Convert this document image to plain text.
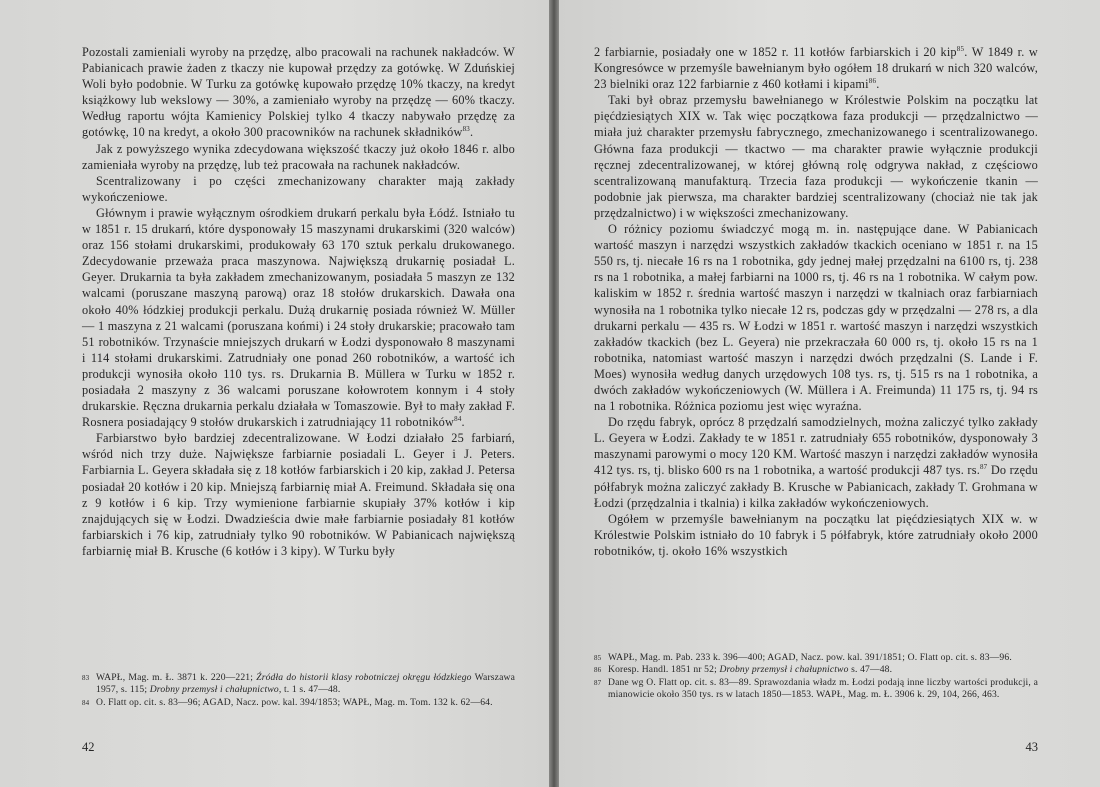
Pozostali zamieniali wyroby na przędzę, albo pracowali na rachunek nakładców. W Pabianicach prawie żaden z tkaczy nie kupował przędzy za gotówkę. W Zduńskiej Woli było podobnie. W Turku za gotówkę kupowało przędzę 10% tkaczy, na kredyt książkowy lub wekslowy — 30%, a zamieniało wyroby na przędzę — 60% tkaczy. Według raportu wójta Kamienicy Polskiej tylko 4 tkaczy nabywało przędzę za gotówkę, 10 na kredyt, a około 300 pracowników na rachunek składników$^{83}$.

Jak z powyższego wynika zdecydowana większość tkaczy już około 1846 r. albo zamieniała wyroby na przędzę, lub też pracowała na rachunek nakładców.

Scentralizowany i po części zmechanizowany charakter mają zakłady wykończeniowe.

Głównym i prawie wyłącznym ośrodkiem drukarń perkalu była Łódź. Istniało tu w 1851 r. 15 drukarń, które dysponowały 15 maszynami drukarskimi (320 walców) oraz 156 stołami drukarskimi, produkowały 63 170 sztuk perkalu drukowanego. Zdecydowanie przeważa praca maszynowa. Największą drukarnię posiadał L. Geyer. Drukarnia ta była zakładem zmechanizowanym, posiadała 5 maszyn ze 132 walcami (poruszane maszyną parową) oraz 18 stołów drukarskich. Dawała ona około 40% łódzkiej produkcji perkalu. Dużą drukarnię posiada również W. Müller — 1 maszyna z 21 walcami (poruszana końmi) i 24 stoły drukarskie; pracowało tam 51 robotników. Trzynaście mniejszych drukarń w Łodzi dysponowało 8 maszynami i 114 stołami drukarskimi. Zatrudniały one ponad 260 robotników, a wartość ich produkcji wynosiła około 110 tys. rs. Drukarnia B. Müllera w Turku w 1852 r. posiadała 2 maszyny z 36 walcami poruszane kołowrotem konnym i 4 stoły drukarskie. Ręczna drukarnia perkalu działała w Tomaszowie. Był to mały zakład F. Rosnera posiadający 9 stołów drukarskich i zatrudniający 11 robotników$^{84}$.

Farbiarstwo było bardziej zdecentralizowane. W Łodzi działało 25 farbiarń, wśród nich trzy duże. Największe farbiarnie posiadali L. Geyer i J. Peters. Farbiarnia L. Geyera składała się z 18 kotłów farbiarskich i 20 kip, zakład J. Petersa posiadał 20 kotłów i 20 kip. Mniejszą farbiarnię miał A. Freimund. Składała się ona z 9 kotłów i 6 kip. Trzy wymienione farbiarnie skupiały 37% kotłów i kip znajdujących się w Łodzi. Dwadzieścia dwie małe farbiarnie posiadały 81 kotłów farbiarskich i 76 kip, zatrudniały tylko 90 robotników. W Pabianicach największą farbiarnię miał B. Krusche (6 kotłów i 3 kipy). W Turku były

83 WAPŁ, Mag. m. Ł. 3871 k. 220—221; Źródła do historii klasy robotniczej okręgu łódzkiego Warszawa 1957, s. 115; Drobny przemysł i chałupnictwo, t. 1 s. 47—48.
84 O. Flatt op. cit. s. 83—96; AGAD, Nacz. pow. kal. 394/1853; WAPŁ, Mag. m. Tom. 132 k. 62—64.
42

2 farbiarnie, posiadały one w 1852 r. 11 kotłów farbiarskich i 20 kip$^{85}$. W 1849 r. w Kongresówce w przemyśle bawełnianym było ogółem 18 drukarń w nich 320 walców, 23 bielniki oraz 122 farbiarnie z 460 kotłami i kipami$^{86}$.

Taki był obraz przemysłu bawełnianego w Królestwie Polskim na początku lat pięćdziesiątych XIX w. Tak więc początkowa faza produkcji — przędzalnictwo — miała już charakter przemysłu fabrycznego, zmechanizowanego i scentralizowanego. Główna faza produkcji — tkactwo — ma charakter prawie wyłącznie produkcji ręcznej zdecentralizowanej, w której główną rolę odgrywa nakład, z częściowo scentralizowaną manufakturą. Trzecia faza produkcji — wykończenie tkanin — podobnie jak pierwsza, ma charakter bardziej scentralizowany (chociaż nie tak jak przędzalnictwo) i w większości zmechanizowany.

O różnicy poziomu świadczyć mogą m. in. następujące dane. W Pabianicach wartość maszyn i narzędzi wszystkich zakładów tkackich oceniano w 1851 r. na 15 550 rs, tj. niecałe 16 rs na 1 robotnika, gdy jednej małej przędzalni na 6100 rs, tj. 238 rs na 1 robotnika, a małej farbiarni na 1000 rs, tj. 46 rs na 1 robotnika. W całym pow. kaliskim w 1852 r. średnia wartość maszyn i narzędzi w tkalniach oraz farbiarniach wynosiła na 1 robotnika tylko niecałe 12 rs, podczas gdy w przędzalni — 278 rs, a dla drukarni perkalu — 435 rs. W Łodzi w 1851 r. wartość maszyn i narzędzi wszystkich zakładów tkackich (bez L. Geyera) nie przekraczała 60 000 rs, tj. około 15 rs na 1 robotnika, natomiast wartość maszyn i narzędzi dwóch przędzalni (S. Lande i F. Moes) wynosiła według danych urzędowych 108 tys. rs, tj. 515 rs na 1 robotnika, a dwóch zakładów wykończeniowych (W. Müllera i A. Freimunda) 11 175 rs, tj. 94 rs na 1 robotnika. Różnica poziomu jest więc wyraźna.

Do rzędu fabryk, oprócz 8 przędzalń samodzielnych, można zaliczyć tylko zakłady L. Geyera w Łodzi. Zakłady te w 1851 r. zatrudniały 655 robotników, dysponowały 3 maszynami parowymi o mocy 120 KM. Wartość maszyn i narzędzi zakładów wynosiła 412 tys. rs, tj. blisko 600 rs na 1 robotnika, a wartość produkcji 487 tys. rs.$^{87}$ Do rzędu półfabryk można zaliczyć zakłady B. Krusche w Pabianicach, zakłady T. Grohmana w Łodzi (przędzalnia i tkalnia) i kilka zakładów wykończeniowych.

Ogółem w przemyśle bawełnianym na początku lat pięćdziesiątych XIX w. w Królestwie Polskim istniało do 10 fabryk i 5 półfabryk, które zatrudniały około 2000 robotników, tj. około 16% wszystkich

85 WAPŁ, Mag. m. Pab. 233 k. 396—400; AGAD, Nacz. pow. kal. 391/1851; O. Flatt op. cit. s. 83—96.
86 Koresp. Handl. 1851 nr 52; Drobny przemysł i chałupnictwo s. 47—48.
87 Dane wg O. Flatt op. cit. s. 83—89. Sprawozdania władz m. Łodzi podają inne liczby wartości produkcji, a mianowicie około 350 tys. rs w latach 1850—1853. WAPŁ, Mag. m. Ł. 3906 k. 29, 104, 266, 463.
43
